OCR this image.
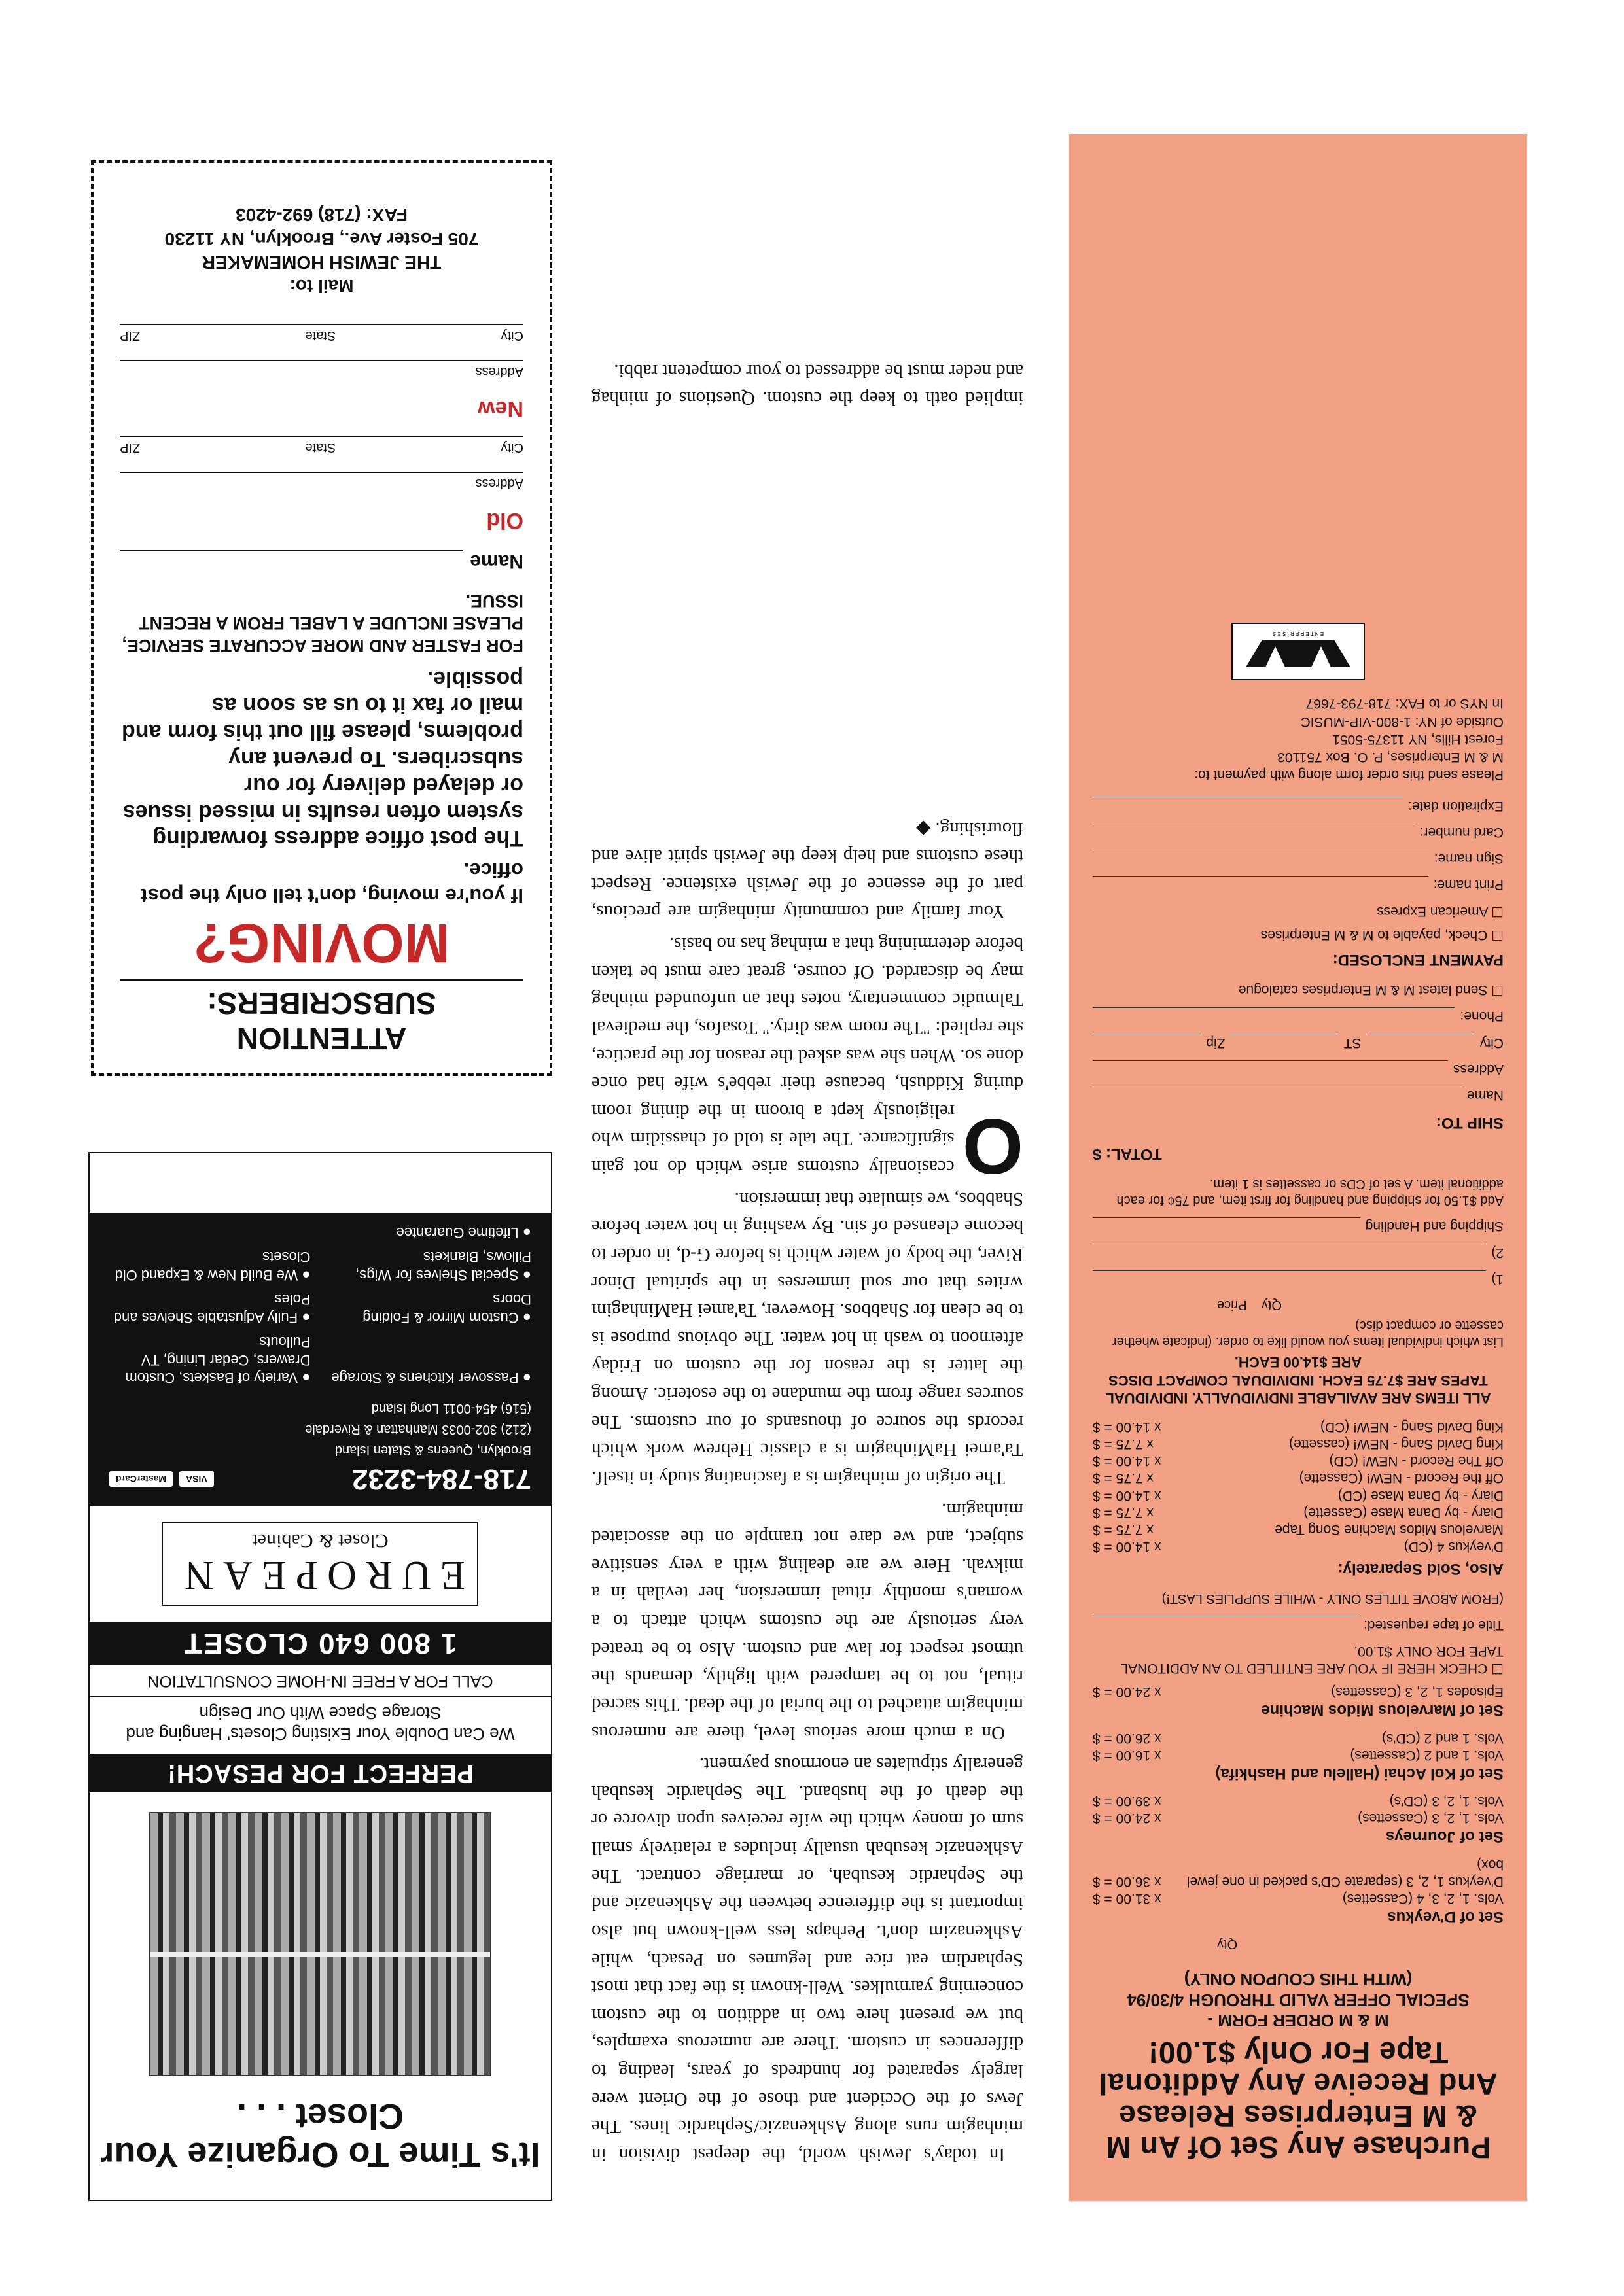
Purchase Any Set Of An M & M Enterprises Release And Receive Any Additonal Tape For Only $1.00!
M & M ORDER FORM -
SPECIAL OFFER VALID THROUGH 4/30/94
(WITH THIS COUPON ONLY)
Qty
Set of D'veykus
Vols. 1, 2, 3, 4 (Cassettes)
x 31.00 = $
D'veykus 1, 2, 3 (separate CD's packed in one jewel box)
x 36.00 = $
Set of Journeys
Vols. 1, 2, 3 (Cassettes)
x 24.00 = $
Vols. 1, 2, 3 (CD's)
x 39.00 = $
Set of Kol Achai (Hallelu and Hashkifa)
Vols. 1 and 2 (Cassettes)
x 16.00 = $
Vols. 1 and 2 (CD's)
x 26.00 = $
Set of Marvelous Midos Machine
Episodes 1, 2, 3 (Cassettes)
x 24.00 = $
☐ CHECK HERE IF YOU ARE ENTITLED TO AN ADDITONAL TAPE FOR ONLY $1.00.
Title of tape requested:
(FROM ABOVE TITLES ONLY - WHILE SUPPLIES LAST!)
Also, Sold Separately:
D'veykus 4 (CD)
x 14.00 = $
Marvelous Midos Machine Song Tape
x 7.75 = $
Diary - by Dana Mase (Cassette)
x 7.75 = $
Diary - by Dana Mase (CD)
x 14.00 = $
Off the Record - NEW! (Cassette)
x 7.75 = $
Off The Record - NEW! (CD)
x 14.00 = $
King David Sang - NEW! (cassette)
x 7.75 = $
King David Sang - NEW! (CD)
x 14.00 = $
ALL ITEMS ARE AVAILABLE INDIVIDUALLY. INDIVIDUAL TAPES ARE $7.75 EACH. INDIVIDUAL COMPACT DISCS ARE $14.00 EACH.
List which individual items you would like to order. (indicate whether cassette or compact disc)
Qty    Price
1)
2)
Shipping and Handling
Add $1.50 for shipping and handling for first item, and 75¢ for each additional item. A set of CDs or cassettes is 1 item.
TOTAL: $
SHIP TO:
Name
Address
City
ST
Zip
Phone:
☐ Send latest M & M Enterprises catalogue
PAYMENT ENCLOSED:
☐ Check, payable to M & M Enterprises
☐ American Express
Print name:
Sign name:
Card number:
Expiration date:
Please send this order form along with payment to:
M & M Enterprises, P. O. Box 751103
Forest Hills, NY 11375-5051
Outside of NY: 1-800-VIP-MUSIC
In NYS or to FAX: 718-793-7667
E N T E R P R I S E S

implied oath to keep the custom. Questions of minhag and neder must be addressed to your competent rabbi.

In today's Jewish world, the deepest division in minhagim runs along Ashkenazic/Sephardic lines. The Jews of the Occident and those of the Orient were largely separated for hundreds of years, leading to differences in custom. There are numerous examples, but we present here two in addition to the custom concerning yarmulkes. Well-known is the fact that most Sephardim eat rice and legumes on Pesach, while Ashkenazim don't. Perhaps less well-known but also important is the difference between the Ashkenazic and the Sephardic kesubah, or marriage contract. The Ashkenazic kesubah usually includes a relatively small sum of money which the wife receives upon divorce or the death of the husband. The Sephardic kesubah generally stipulates an enormous payment.

On a much more serious level, there are numerous minhagim attached to the burial of the dead. This sacred ritual, not to be tampered with lightly, demands the utmost respect for law and custom. Also to be treated very seriously are the customs which attach to a woman's monthly ritual immersion, her tevilah in a mikvah. Here we are dealing with a very sensitive subject, and we dare not trample on the associated minhagim.

The origin of minhagim is a fascinating study in itself. Ta'amei HaMinhagim is a classic Hebrew work which records the source of thousands of our customs. The sources range from the mundane to the esoteric. Among the latter is the reason for the custom on Friday afternoon to wash in hot water. The obvious purpose is to be clean for Shabbos. However, Ta'amei HaMinhagim writes that our soul immerses in the spiritual Dinor River, the body of water which is before G-d, in order to become cleansed of sin. By washing in hot water before Shabbos, we simulate that immersion.

O
ccasionally customs arise which do not gain significance. The tale is told of chassidim who religiously kept a broom in the dining room during Kiddush, because their rebbe's wife had once done so. When she was asked the reason for the practice, she replied: "The room was dirty." Tosafos, the medieval Talmudic commentary, notes that an unfounded minhag may be discarded. Of course, great care must be taken before determining that a minhag has no basis.

Your family and community minhagim are precious, part of the essence of the Jewish existence. Respect these customs and help keep the Jewish spirit alive and flourishing. ◆

It's Time To Organize Your Closet . . .
PERFECT FOR PESACH!
We Can Double Your Existing Closets' Hanging and Storage Space With Our Design
CALL FOR A FREE IN-HOME CONSULTATION
1 800 640 CLOSET
EUROPEAN
Closet & Cabinet
718-784-3232
VISA
MasterCard
Brooklyn, Queens & Staten Island
(212) 302-0033 Manhattan & Riverdale
(516) 454-0011 Long Island
● Passover Kitchens & Storage
● Variety of Baskets, Custom Drawers, Cedar Lining, TV Pullouts
● Custom Mirror & Folding Doors
● Fully Adjustable Shelves and Poles
● Special Shelves for Wigs, Pillows, Blankets
● We Build New & Expand Old Closets
● Lifetime Guarantee
ATTENTION SUBSCRIBERS:
MOVING?
If you're moving, don't tell only the post office.
The post office address forwarding system often results in missed issues or delayed delivery for our subscribers. To prevent any problems, please fill out this form and mail or fax it to us as soon as possible.
FOR FASTER AND MORE ACCURATE SERVICE, PLEASE INCLUDE A LABEL FROM A RECENT ISSUE.
Name
Old
Address
City
State
ZIP
New
Address
City
State
ZIP
Mail to:
THE JEWISH HOMEMAKER
705 Foster Ave., Brooklyn, NY 11230
FAX: (718) 692-4203
